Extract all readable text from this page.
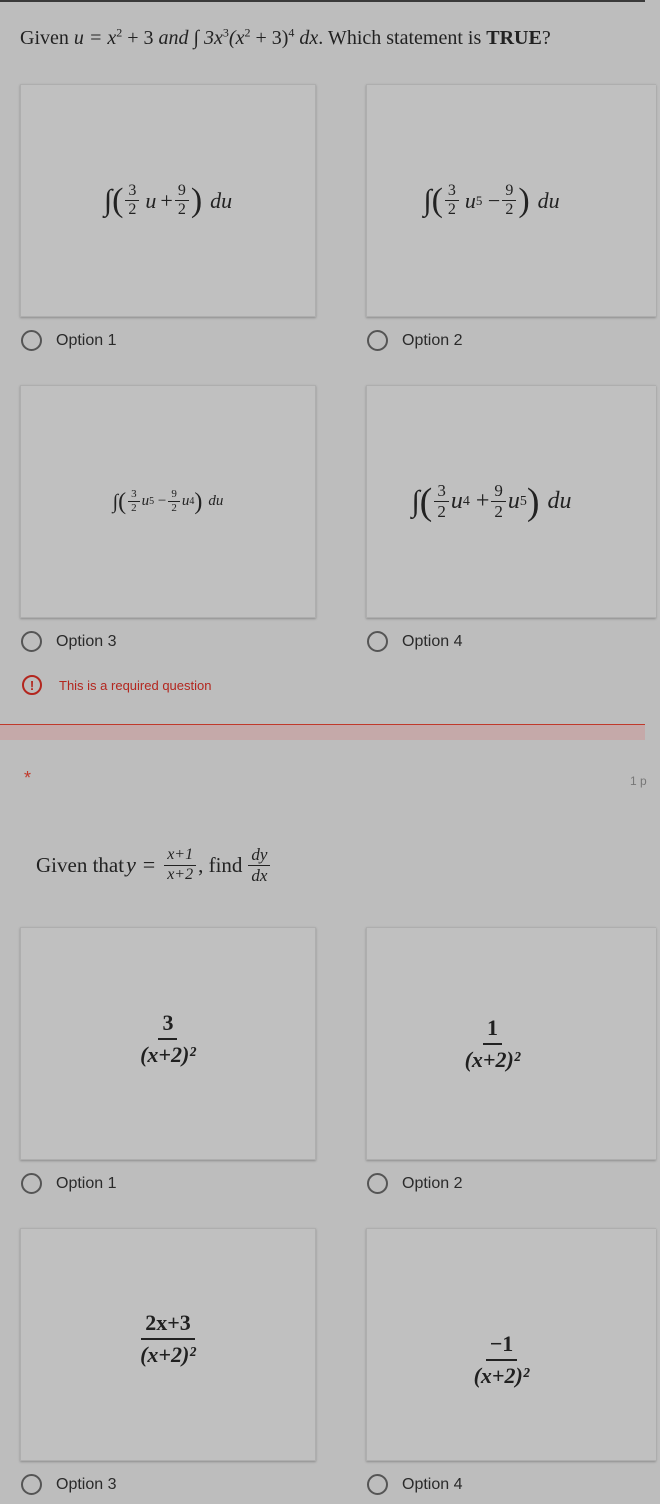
Given $u = x^2 + 3$ and ∫ $3x^3(x^2 + 3)^4$ dx. Which statement is TRUE?
∫ ( $\frac{3}{2}$ $u + \frac{9}{2}$ ) du	∫ ( $\frac{3}{2}$ u $5 - \frac{9}{2}$ ) du
Option 1	Option 2
∫ ( $\frac{3}{2}$ u $5 - \frac{9}{2}$ u 4 ) du	∫ ( $\frac{3}{2}$ u $4 + \frac{9}{2}$ u 5 ) du
Option 3	Option 4
!	This is a required question
*	1 p
Given that $y = \frac{x+1}{x+2}$ , find $\frac{dy}{dx}$
$\frac{3}{\text{(x+2)²}}$	$\frac{1}{\text{(x+2)²}}$
Option 1	Option 2
$\frac{2x+3}{\text{(x+2)²}}$	$\frac{-1}{\text{(x+2)²}}$
Option 3	Option 4
